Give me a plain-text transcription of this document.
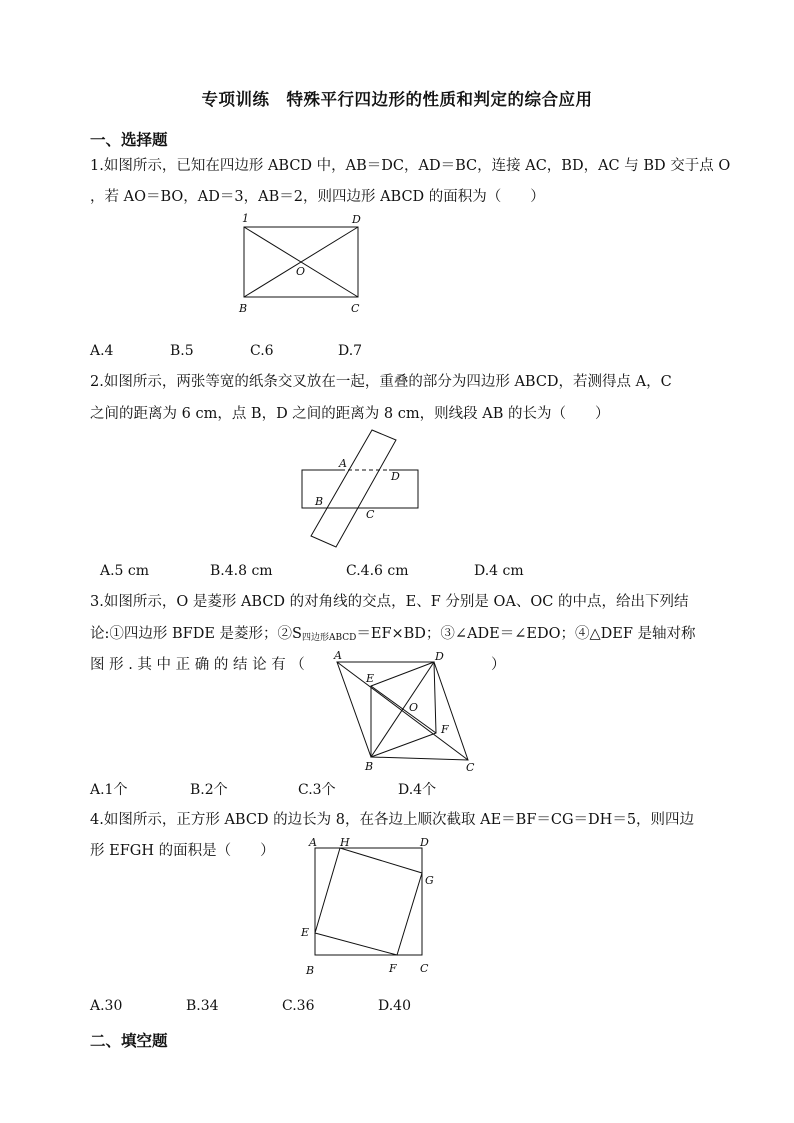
专项训练　特殊平行四边形的性质和判定的综合应用
一、选择题
1.如图所示，已知在四边形 ABCD 中，AB＝DC，AD＝BC，连接 AC，BD，AC 与 BD 交于点 O
，若 AO＝BO，AD＝3，AB＝2，则四边形 ABCD 的面积为（　　）
1	D
O
B	C
A.4	B.5	C.6	D.7
2.如图所示，两张等宽的纸条交叉放在一起，重叠的部分为四边形 ABCD，若测得点 A，C
之间的距离为 6 cm，点 B，D 之间的距离为 8 cm，则线段 AB 的长为（　　）
A
D
B
C
A.5 cm	B.4.8 cm	C.4.6 cm	D.4 cm
3.如图所示，O 是菱形 ABCD 的对角线的交点，E、F 分别是 OA、OC 的中点，给出下列结
论:①四边形 BFDE 是菱形；$②S_{四边形ABCD}=EF\times BD$；③∠ADE＝∠EDO；④△DEF 是轴对称
图 形 . 其 中 正 确 的 结 论 有 （	）
A	D
E
O
F
B	C
A.1个	B.2个	C.3个	D.4个
4.如图所示，正方形 ABCD 的边长为 8，在各边上顺次截取 AE＝BF＝CG＝DH＝5，则四边
形 EFGH 的面积是（　　）
A H	D
G
E
B	F C
A.30	B.34	C.36	D.40
二、填空题
